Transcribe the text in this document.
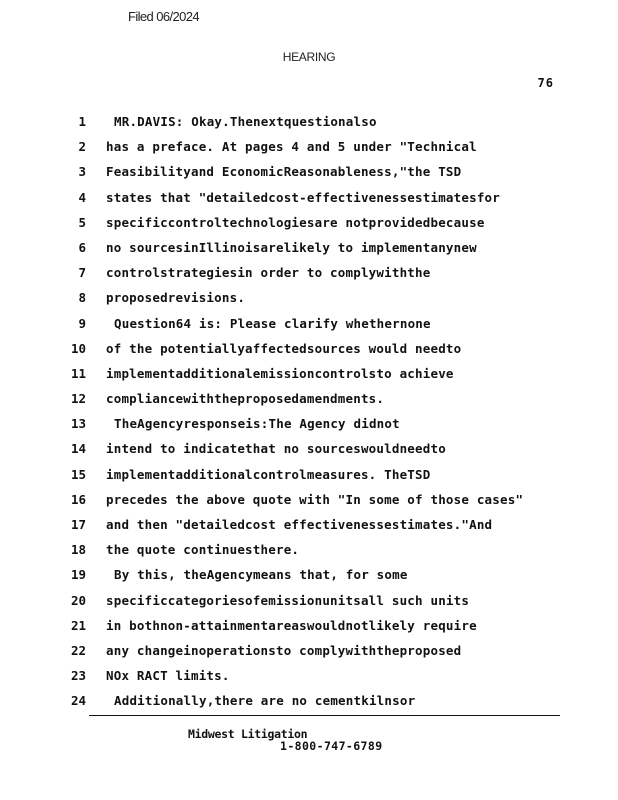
Filed 06/2024
HEARING
76
1 MR.DAVIS: Okay.Thenextquestionalso
2 has a preface. At pages 4 and 5 under "Technical
3 Feasibilityand EconomicReasonableness,"the TSD
4 states that "detailedcost-effectivenessestimatesfor
5 specificcontroltechnologiesare notprovidedbecause
6 no sourcesinIllinoisarelikely to implementanynew
7 controlstrategiesin order to complywiththe
8 proposedrevisions.
9 Question64 is: Please clarify whethernone
10 of the potentiallyaffectedsources would needto
11 implementadditionalemissioncontrolsto achieve
12 compliancewiththeproposedamendments.
13 TheAgencyresponseis:The Agency didnot
14 intend to indicatethat no sourceswouldneedto
15 implementadditionalcontrolmeasures. TheTSD
16 precedes the above quote with "In some of those cases"
17 and then "detailedcost effectivenessestimates."And
18 the quote continuesthere.
19 By this, theAgencymeans that, for some
20 specificcategoriesofemissionunitsall such units
21 in bothnon-attainmentareaswouldnotlikely require
22 any changeinoperationsto complywiththeproposed
23 NOx RACT limits.
24 Additionally,there are no cementkilnsor
Midwest Litigation
1-800-747-6789
